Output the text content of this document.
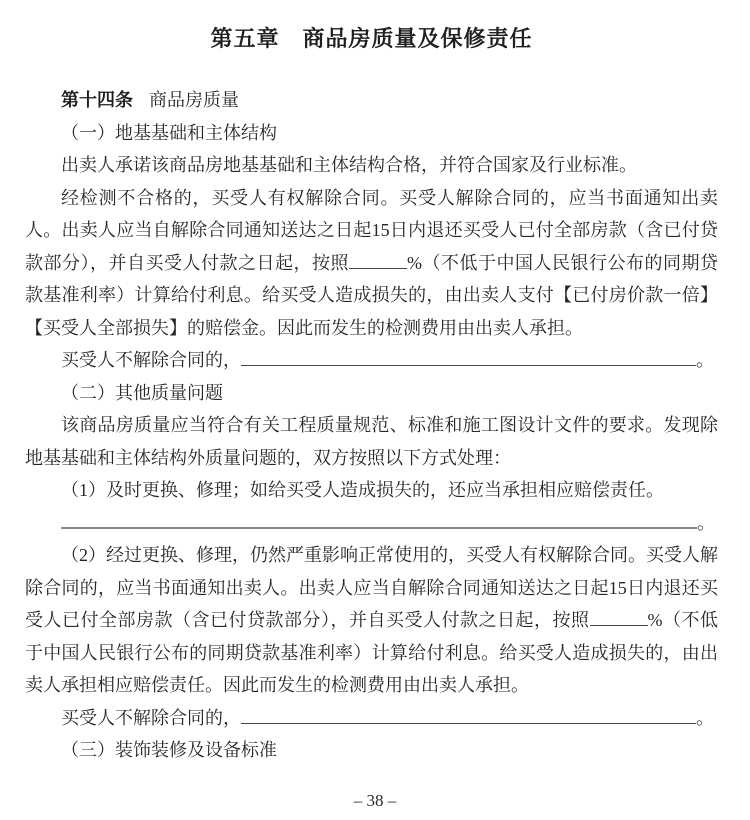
第五章　商品房质量及保修责任

第十四条 商品房质量

（一）地基基础和主体结构

出卖人承诺该商品房地基基础和主体结构合格，并符合国家及行业标准。

经检测不合格的，买受人有权解除合同。买受人解除合同的，应当书面通知出卖人。出卖人应当自解除合同通知送达之日起15日内退还买受人已付全部房款（含已付贷款部分），并自买受人付款之日起，按照	%（不低于中国人民银行公布的同期贷款基准利率）计算给付利息。给买受人造成损失的，由出卖人支付【已付房价款一倍】【买受人全部损失】的赔偿金。因此而发生的检测费用由出卖人承担。

买受人不解除合同的，	。

（二）其他质量问题

该商品房质量应当符合有关工程质量规范、标准和施工图设计文件的要求。发现除地基基础和主体结构外质量问题的，双方按照以下方式处理：

（1）及时更换、修理；如给买受人造成损失的，还应当承担相应赔偿责任。

。

（2）经过更换、修理，仍然严重影响正常使用的，买受人有权解除合同。买受人解除合同的，应当书面通知出卖人。出卖人应当自解除合同通知送达之日起15日内退还买受人已付全部房款（含已付贷款部分），并自买受人付款之日起，按照	%（不低于中国人民银行公布的同期贷款基准利率）计算给付利息。给买受人造成损失的，由出卖人承担相应赔偿责任。因此而发生的检测费用由出卖人承担。

买受人不解除合同的，	。

（三）装饰装修及设备标准

– 38 –
